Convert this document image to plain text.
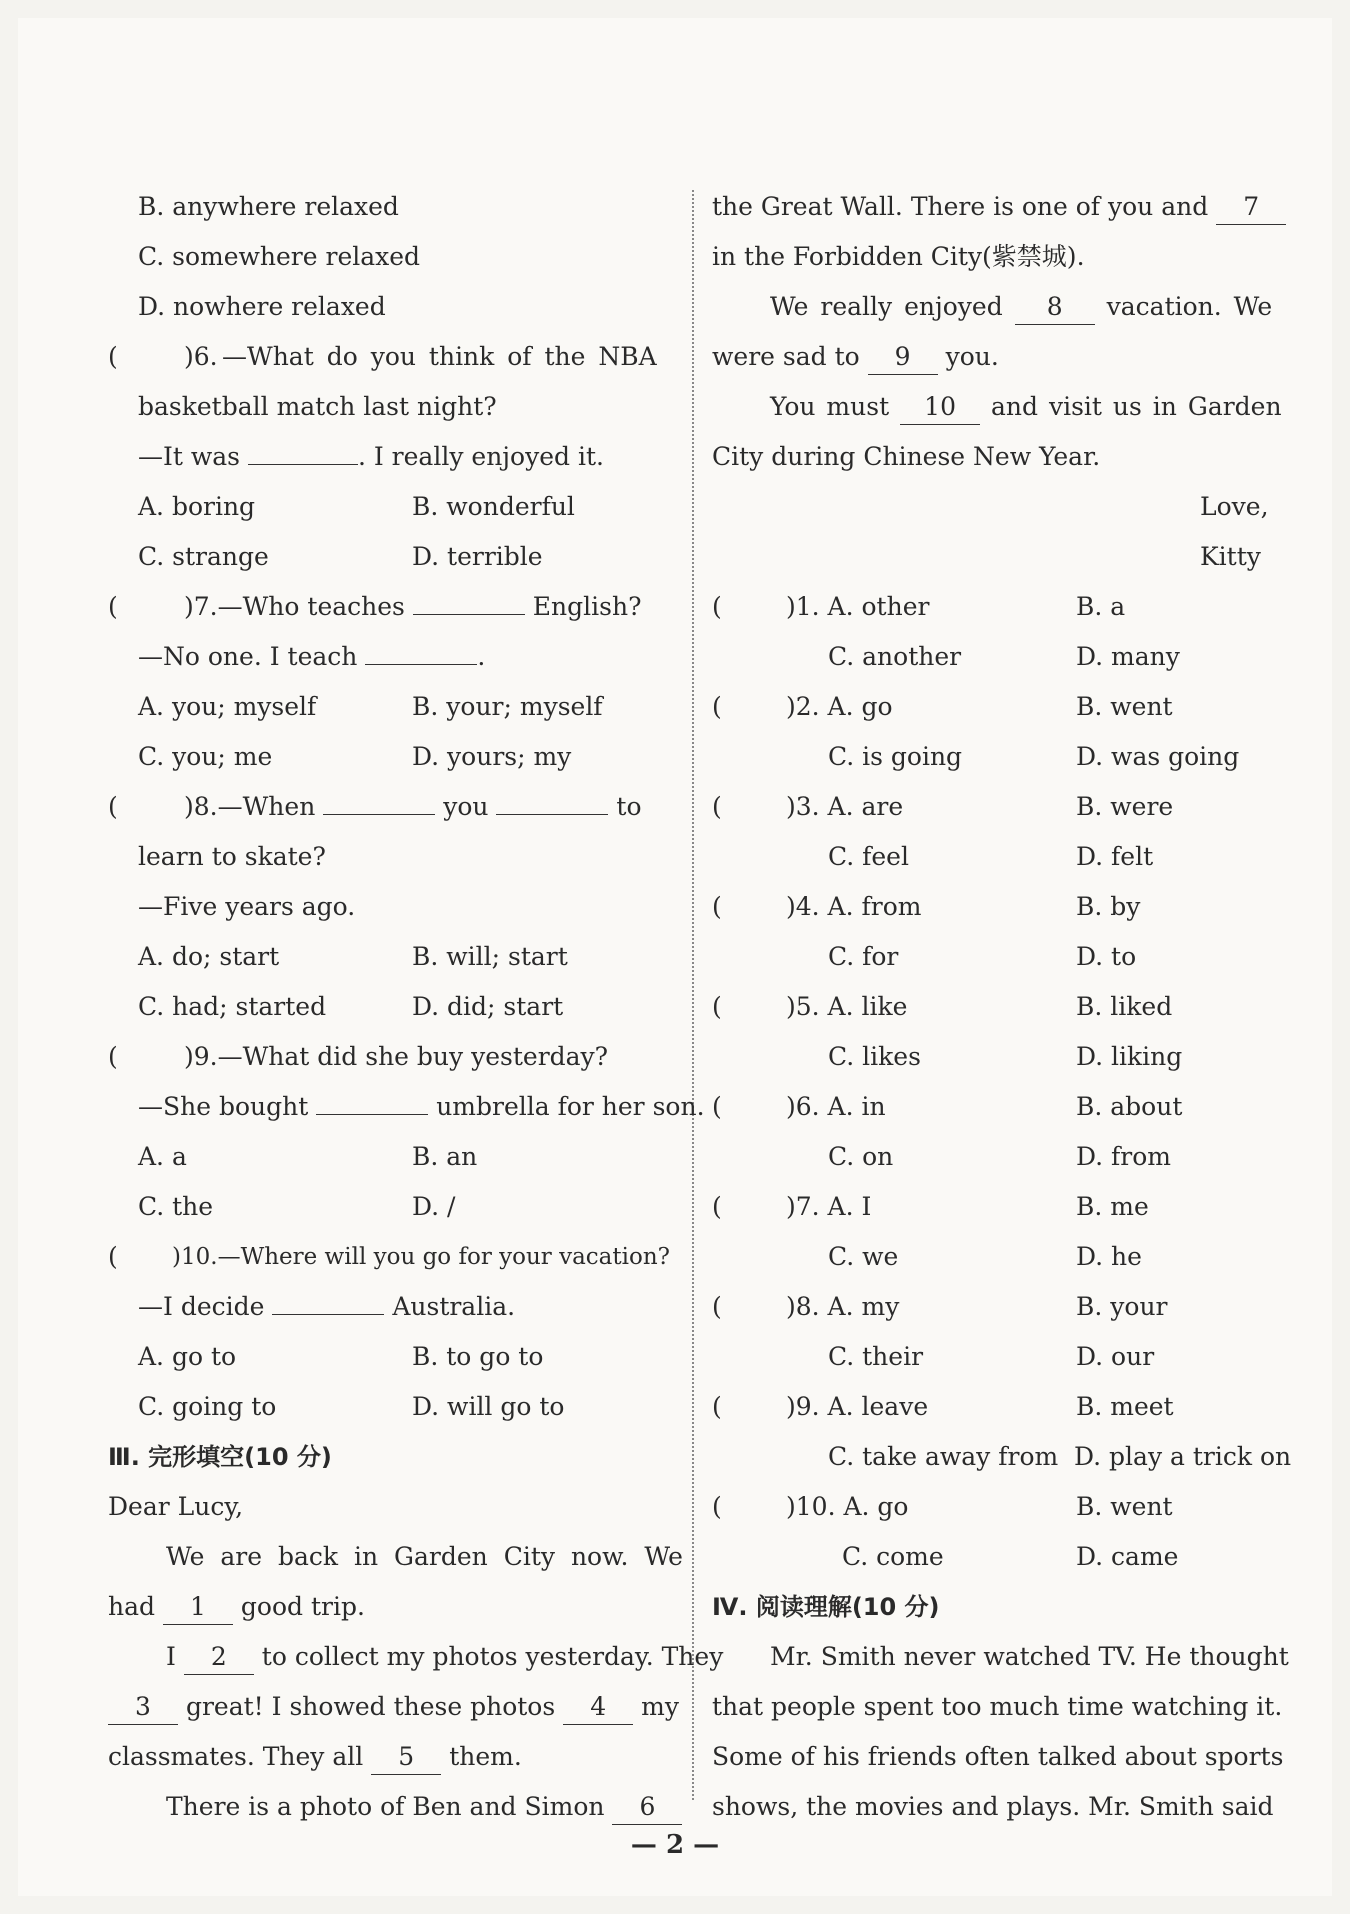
B. anywhere relaxed
C. somewhere relaxed
D. nowhere relaxed
(	)6. —What do you think of the NBA
basketball match last night?
—It was	. I really enjoyed it.
A. boring	B. wonderful
C. strange	D. terrible
(	)7.—Who teaches	English?
—No one. I teach	.
A. you; myself	B. your; myself
C. you; me	D. yours; my
(	)8.—When	you	to
learn to skate?
—Five years ago.
A. do; start	B. will; start
C. had; started	D. did; start
(	)9.—What did she buy yesterday?
—She bought	umbrella for her son.
A. a	B. an
C. the	D. /
( )10.—Where will you go for your vacation?
—I decide	Australia.
A. go to	B. to go to
C. going to	D. will go to
Ⅲ. 完形填空(10 分)
Dear Lucy,
We are back in Garden City now. We
had 1 good trip.
I 2 to collect my photos yesterday. They
3 great! I showed these photos 4 my
classmates. They all 5 them.
There is a photo of Ben and Simon 6
the Great Wall. There is one of you and 7
in the Forbidden City(紫禁城).
We really enjoyed 8 vacation. We
were sad to 9 you.
You must 10 and visit us in Garden
City during Chinese New Year.
Love,
Kitty
(	)1. A. other	B. a
C. another	D. many
(	)2. A. go	B. went
C. is going	D. was going
(	)3. A. are	B. were
C. feel	D. felt
(	)4. A. from	B. by
C. for	D. to
(	)5. A. like	B. liked
C. likes	D. liking
(	)6. A. in	B. about
C. on	D. from
(	)7. A. I	B. me
C. we	D. he
(	)8. A. my	B. your
C. their	D. our
(	)9. A. leave	B. meet
C. take away from D. play a trick on
(	)10. A. go	B. went
C. come	D. came
Ⅳ. 阅读理解(10 分)
Mr. Smith never watched TV. He thought
that people spent too much time watching it.
Some of his friends often talked about sports
shows, the movies and plays. Mr. Smith said
— 2 —
